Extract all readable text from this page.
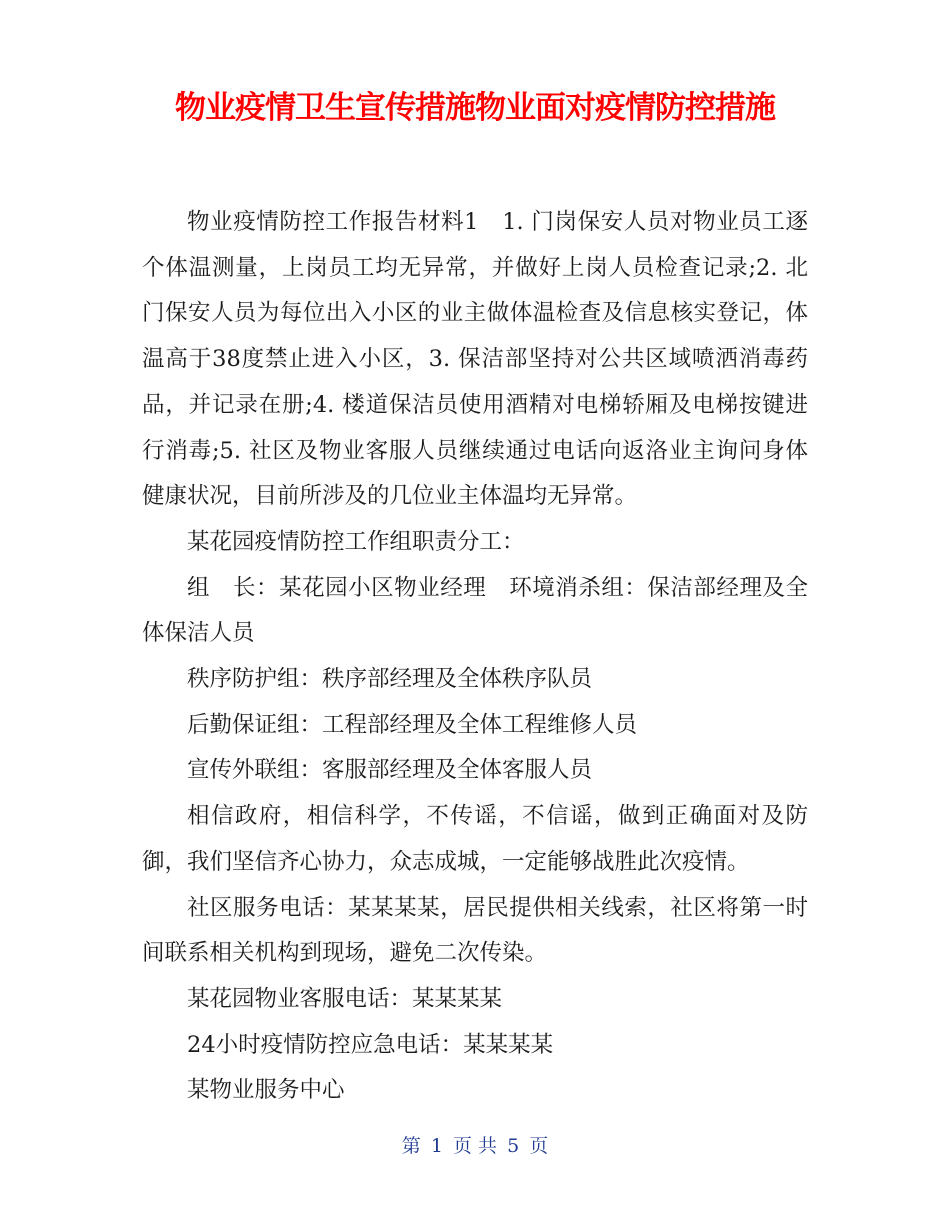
物业疫情卫生宣传措施物业面对疫情防控措施

物业疫情防控工作报告材料1　1. 门岗保安人员对物业员工逐个体温测量，上岗员工均无异常，并做好上岗人员检查记录;2. 北门保安人员为每位出入小区的业主做体温检查及信息核实登记，体温高于38度禁止进入小区，3. 保洁部坚持对公共区域喷洒消毒药品，并记录在册;4. 楼道保洁员使用酒精对电梯轿厢及电梯按键进行消毒;5. 社区及物业客服人员继续通过电话向返洛业主询问身体健康状况，目前所涉及的几位业主体温均无异常。

某花园疫情防控工作组职责分工：

组　长：某花园小区物业经理　环境消杀组：保洁部经理及全体保洁人员

秩序防护组：秩序部经理及全体秩序队员

后勤保证组：工程部经理及全体工程维修人员

宣传外联组：客服部经理及全体客服人员

相信政府，相信科学，不传谣，不信谣，做到正确面对及防御，我们坚信齐心协力，众志成城，一定能够战胜此次疫情。

社区服务电话：某某某某，居民提供相关线索，社区将第一时间联系相关机构到现场，避免二次传染。

某花园物业客服电话：某某某某

24小时疫情防控应急电话：某某某某

某物业服务中心

第 1 页 共 5 页
